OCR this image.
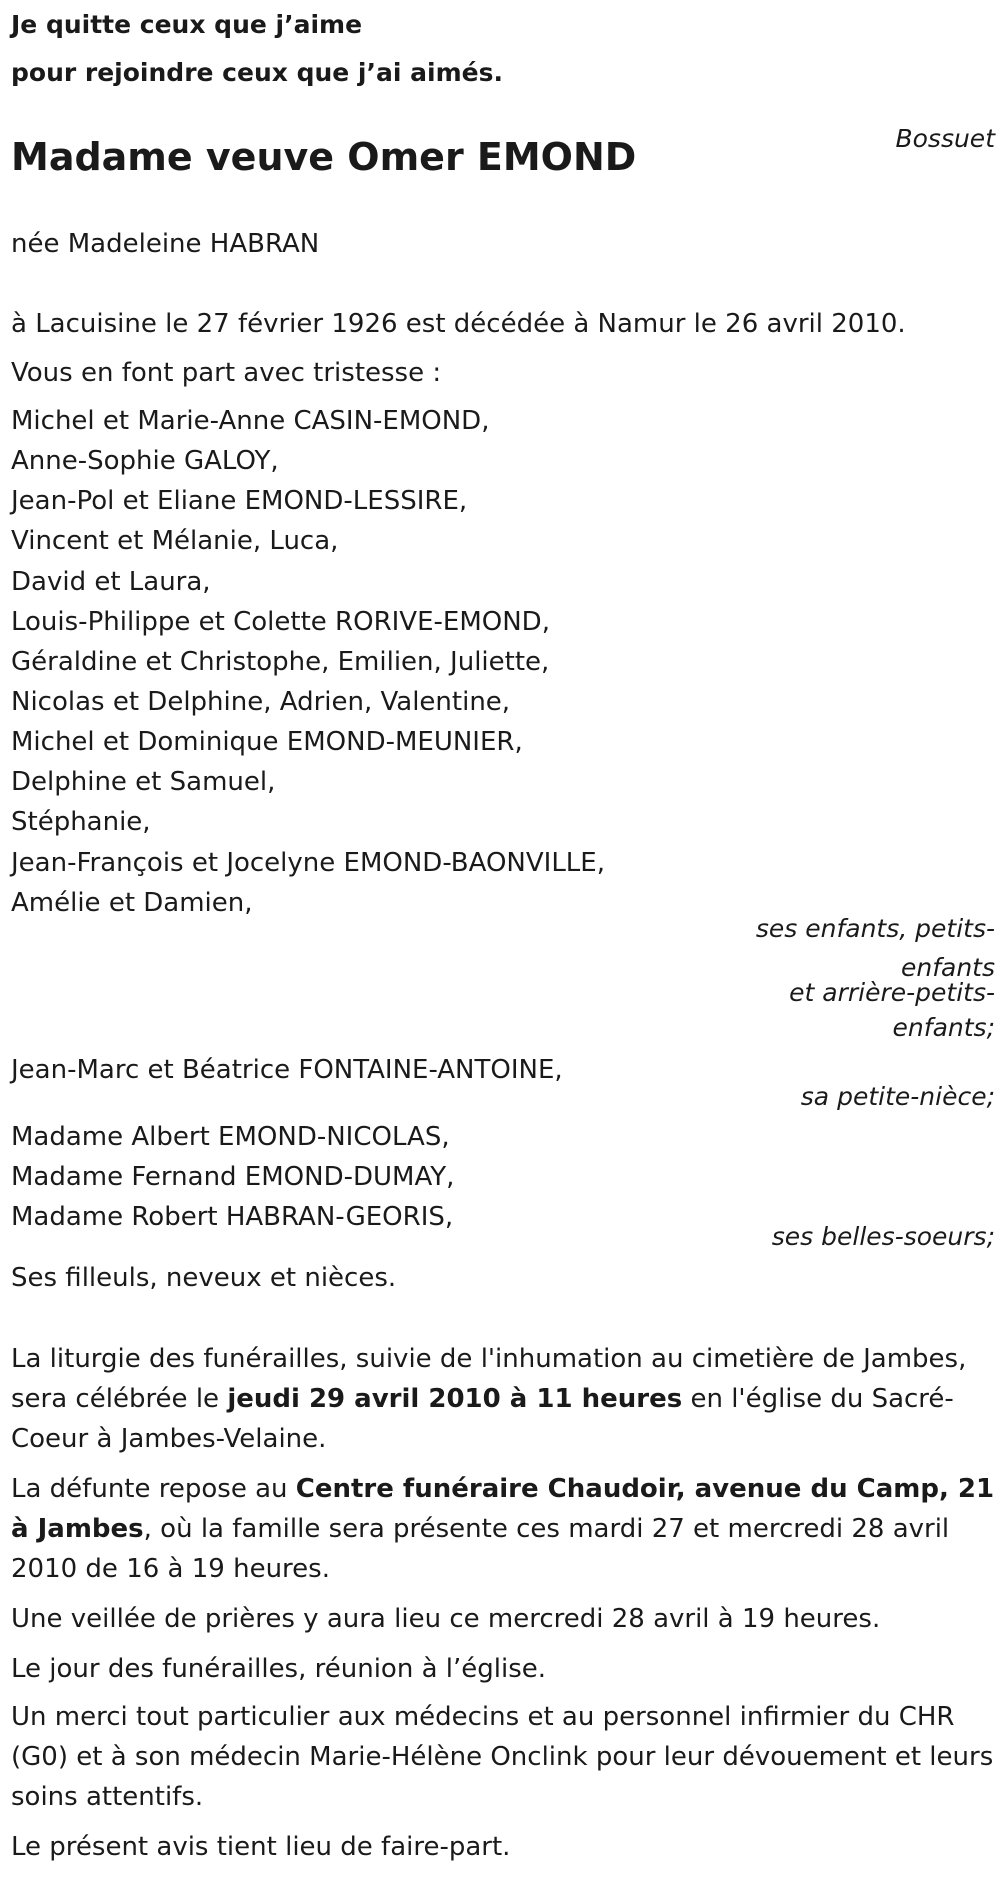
Je quitte ceux que j’aime

pour rejoindre ceux que j’ai aimés.

Bossuet
Madame veuve Omer EMOND
née Madeleine HABRAN
à Lacuisine le 27 février 1926 est décédée à Namur le 26 avril 2010.
Vous en font part avec tristesse :
Michel et Marie-Anne CASIN-EMOND,
Anne-Sophie GALOY,
Jean-Pol et Eliane EMOND-LESSIRE,
Vincent et Mélanie, Luca,
David et Laura,
Louis-Philippe et Colette RORIVE-EMOND,
Géraldine et Christophe, Emilien, Juliette,
Nicolas et Delphine, Adrien, Valentine,
Michel et Dominique EMOND-MEUNIER,
Delphine et Samuel,
Stéphanie,
Jean-François et Jocelyne EMOND-BAONVILLE,
Amélie et Damien,
ses enfants, petits-
enfants
et arrière-petits-
enfants;
Jean-Marc et Béatrice FONTAINE-ANTOINE,
sa petite-nièce;
Madame Albert EMOND-NICOLAS,
Madame Fernand EMOND-DUMAY,
Madame Robert HABRAN-GEORIS,
ses belles-soeurs;
Ses filleuls, neveux et nièces.
La liturgie des funérailles, suivie de l'inhumation au cimetière de Jambes, sera célébrée le jeudi 29 avril 2010 à 11 heures en l'église du Sacré-Coeur à Jambes-Velaine.
La défunte repose au Centre funéraire Chaudoir, avenue du Camp, 21 à Jambes, où la famille sera présente ces mardi 27 et mercredi 28 avril 2010 de 16 à 19 heures.
Une veillée de prières y aura lieu ce mercredi 28 avril à 19 heures.
Le jour des funérailles, réunion à l’église.
Un merci tout particulier aux médecins et au personnel infirmier du CHR (G0) et à son médecin Marie-Hélène Onclink pour leur dévouement et leurs soins attentifs.
Le présent avis tient lieu de faire-part.
